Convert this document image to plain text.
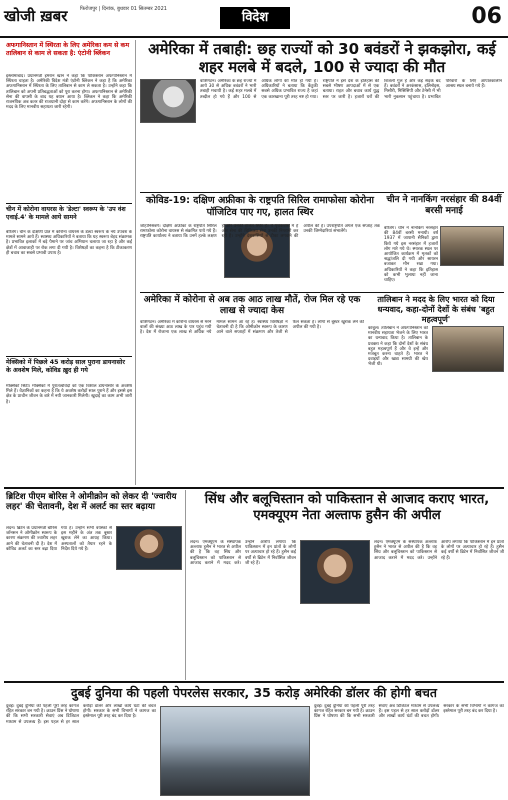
खोजी ख़बर	फिरोजपुर | दिनांक, बुधवार 01 सितम्बर 2021
विदेश	06
अफगानिस्तान में स्थिरता के लिए अमेरिका कम से कम तालिबान से काम ले सकता है: एंटोनी ब्लिंकन
इस्लामाबाद। प्रधानमंत्री इमरान खान ने कहा कि पाकिस्तान अफगानिस्तान में स्थिरता चाहता है। अमेरिकी विदेश मंत्री एंटोनी ब्लिंकन ने कहा है कि अमेरिका अफगानिस्तान में स्थिरता के लिए तालिबान से काम ले सकता है। उन्होंने कहा कि तालिबान को अपनी प्रतिबद्धताओं को पूरा करना होगा। अफगानिस्तान से अमेरिकी सेना की वापसी के बाद यह बयान आया है। ब्लिंकन ने कहा कि अमेरिकी राजनयिक अब कतर की राजधानी दोहा से काम करेंगे। अफगानिस्तान के लोगों की मदद के लिए मानवीय सहायता जारी रहेगी।
चीन में कोरोना वायरस के 'डेल्टा' स्वरूप के 'उप वंश एवाई.4' के मामले आये सामने
बीजिंग। चीन के दक्षिणी प्रांत में कोरोना वायरस के डेल्टा स्वरूप के नये उपवंश के मामले सामने आये हैं। स्वास्थ्य अधिकारियों ने बताया कि यह स्वरूप बेहद संक्रामक है। प्रभावित इलाकों में बड़े पैमाने पर जांच अभियान चलाया जा रहा है और कई क्षेत्रों में आवाजाही पर रोक लगा दी गयी है। विशेषज्ञों का कहना है कि टीकाकरण ही बचाव का सबसे प्रभावी उपाय है।
मेक्सिको में पिछले 45 करोड़ साल पुराना डायनासोर के अवशेष मिले, कोविड ख़ुद ही गये
मेक्सिको सिटी। मेक्सिको में पुरातत्वविदों को एक विशाल डायनासोर के अवशेष मिले हैं। वैज्ञानिकों का कहना है कि ये अवशेष करोड़ों साल पुराने हैं और इससे इस क्षेत्र के प्राचीन जीवन के बारे में नयी जानकारी मिलेगी। खुदाई का काम अभी जारी है।
अमेरिका में तबाही: छह राज्यों को 30 बवंडरों ने झकझोरा, कई शहर मलबे में बदले, 100 से ज्यादा की मौत
वाशिंगटन। अमेरिका के छह राज्यों में आये 30 से अधिक बवंडरों ने भारी तबाही मचायी है। कई शहर मलबे में तब्दील हो गये हैं और 100 से अधिक लोगों की मौत हो गयी है। अधिकारियों ने बताया कि केंटुकी सबसे अधिक प्रभावित राज्य है जहां एक कारखाना पूरी तरह नष्ट हो गया। राष्ट्रपति ने इसे देश के इतिहास की सबसे भीषण आपदाओं में से एक बताया। राहत और बचाव कार्य युद्ध स्तर पर जारी है। हजारों घरों की बिजली गुल है और कई सड़कें बंद हैं। बवंडरों ने अरकंसास, इलिनोइस, मिसौरी, मिसिसिपी और टेनेसी में भी भारी नुकसान पहुंचाया है। प्रभावित परिवारों के लिए आपातकालीन आश्रय स्थल बनाये गये हैं।
कोविड-19: दक्षिण अफ्रीका के राष्ट्रपति सिरिल रामाफोसा कोरोना पॉजिटिव पाए गए, हालत स्थिर
जोहानिसबर्ग। दक्षिण अफ्रीका के राष्ट्रपति सिरिल रामाफोसा कोरोना वायरस से संक्रमित पाये गये हैं। राष्ट्रपति कार्यालय ने बताया कि उनमें हल्के लक्षण हैं और उनकी हालत स्थिर है। वे पृथकवास में हैं और सेना की चिकित्सा सेवा उनकी निगरानी कर रही है। उन्होंने देशवासियों से टीका लगवाने की अपील की है। उपराष्ट्रपति अगले एक सप्ताह तक उनकी जिम्मेदारियां संभालेंगे।
चीन ने नानकिंग नरसंहार की 84वीं बरसी मनाई
बीजिंग। चीन ने नानकिंग नरसंहार की 84वीं बरसी मनायी। वर्ष 1937 में जापानी सैनिकों द्वारा किये गये इस नरसंहार में हजारों लोग मारे गये थे। स्मारक स्थल पर आयोजित कार्यक्रम में मृतकों को श्रद्धांजलि दी गयी और सायरन बजाकर मौन रखा गया। अधिकारियों ने कहा कि इतिहास को कभी भुलाया नहीं जाना चाहिए।
अमेरिका में कोरोना से अब तक आठ लाख मौतें, रोज मिल रहे एक लाख से ज्यादा केस
वाशिंगटन। अमेरिका में कोरोना वायरस से मरने वालों की संख्या आठ लाख के पार पहुंच गयी है। देश में रोजाना एक लाख से अधिक नये मामले सामने आ रहे हैं। स्वास्थ्य विशेषज्ञों ने चेतावनी दी है कि ओमीक्रोन स्वरूप के कारण आने वाले सप्ताहों में संक्रमण और तेजी से फैल सकता है। लोगों से बूस्टर खुराक लेने की अपील की गयी है।
तालिबान ने मदद के लिए भारत को दिया धन्यवाद, कहा-दोनों देशों के संबंध 'बहुत महत्वपूर्ण'
काबुल। तालिबान ने अफगानिस्तान को मानवीय सहायता भेजने के लिए भारत का धन्यवाद किया है। तालिबान के प्रवक्ता ने कहा कि दोनों देशों के संबंध बहुत महत्वपूर्ण हैं और वे इन्हें और मजबूत करना चाहते हैं। भारत ने दवाइयों और खाद्य सामग्री की खेप भेजी थी।
ब्रिटिश पीएम बोरिस ने ओमीक्रोन को लेकर दी 'ज्वारीय लहर' की चेतावनी, देश में अलर्ट का स्तर बढ़ाया
लंदन। ब्रिटेन के प्रधानमंत्री बोरिस जॉनसन ने ओमीक्रोन स्वरूप के कारण संक्रमण की ज्वारीय लहर आने की चेतावनी दी है। देश में कोविड अलर्ट का स्तर बढ़ा दिया गया है। उन्होंने सभी वयस्कों से इस महीने के अंत तक बूस्टर खुराक लेने का आग्रह किया। अस्पतालों को तैयार रहने के निर्देश दिये गये हैं।
सिंध और बलूचिस्तान को पाकिस्तान से आजाद कराए भारत, एमक्यूएम नेता अल्ताफ हुसैन की अपील
लंदन। एमक्यूएम के संस्थापक अल्ताफ हुसैन ने भारत से अपील की है कि वह सिंध और बलूचिस्तान को पाकिस्तान से आजाद कराने में मदद करे। उन्होंने आरोप लगाया कि पाकिस्तान में इन प्रांतों के लोगों पर अत्याचार हो रहे हैं। हुसैन कई वर्षों से ब्रिटेन में निर्वासित जीवन जी रहे हैं।
लंदन। एमक्यूएम के संस्थापक अल्ताफ हुसैन ने भारत से अपील की है कि वह सिंध और बलूचिस्तान को पाकिस्तान से आजाद कराने में मदद करे। उन्होंने आरोप लगाया कि पाकिस्तान में इन प्रांतों के लोगों पर अत्याचार हो रहे हैं। हुसैन कई वर्षों से ब्रिटेन में निर्वासित जीवन जी रहे हैं।
दुबई दुनिया की पहली पेपरलेस सरकार, 35 करोड़ अमेरिकी डॉलर की होगी बचत
दुबई। दुबई दुनिया की पहली पूरी तरह कागज रहित सरकार बन गयी है। क्राउन प्रिंस ने घोषणा की कि सभी सरकारी सेवाएं अब डिजिटल माध्यम से उपलब्ध हैं। इस पहल से हर साल करोड़ों डॉलर और लाखों कार्य घंटों की बचत होगी। सरकार के सभी विभागों ने कागज का इस्तेमाल पूरी तरह बंद कर दिया है।
दुबई। दुबई दुनिया की पहली पूरी तरह कागज रहित सरकार बन गयी है। क्राउन प्रिंस ने घोषणा की कि सभी सरकारी सेवाएं अब डिजिटल माध्यम से उपलब्ध हैं। इस पहल से हर साल करोड़ों डॉलर और लाखों कार्य घंटों की बचत होगी। सरकार के सभी विभागों ने कागज का इस्तेमाल पूरी तरह बंद कर दिया है।
